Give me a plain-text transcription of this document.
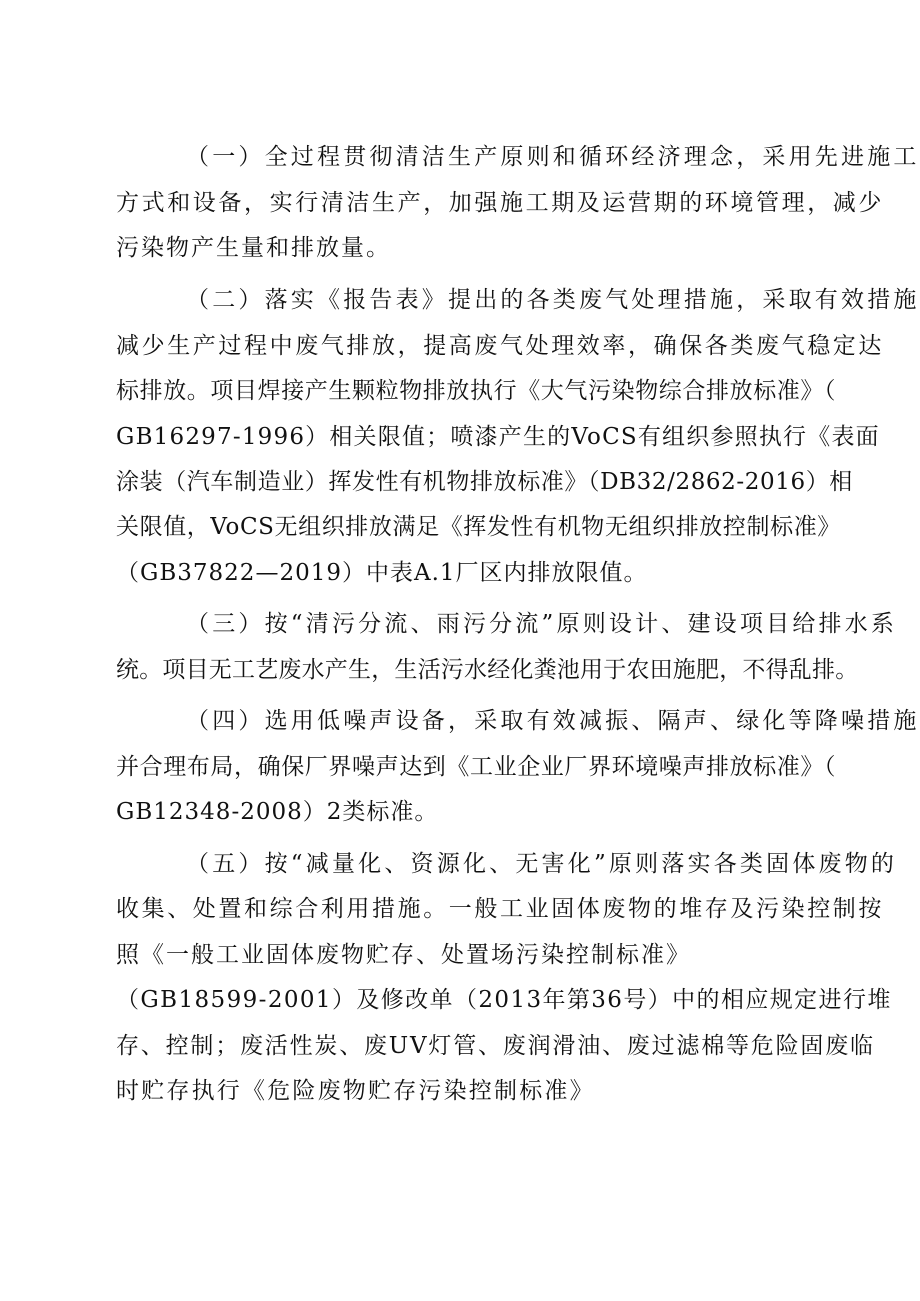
（一）全过程贯彻清洁生产原则和循环经济理念，采用先进施工
方式和设备，实行清洁生产，加强施工期及运营期的环境管理，减少
污染物产生量和排放量。
（二）落实《报告表》提出的各类废气处理措施，采取有效措施
减少生产过程中废气排放，提高废气处理效率，确保各类废气稳定达
标排放。项目焊接产生颗粒物排放执行《大气污染物综合排放标准》（
GB16297-1996）相关限值；喷漆产生的VoCS有组织参照执行《表面
涂装（汽车制造业）挥发性有机物排放标准》（DB32/2862-2016）相
关限值，VoCS无组织排放满足《挥发性有机物无组织排放控制标准》
（GB37822—2019）中表A.1厂区内排放限值。
（三）按“清污分流、雨污分流”原则设计、建设项目给排水系
统。项目无工艺废水产生，生活污水经化粪池用于农田施肥，不得乱排。
（四）选用低噪声设备，采取有效减振、隔声、绿化等降噪措施
并合理布局，确保厂界噪声达到《工业企业厂界环境噪声排放标准》（
GB12348-2008）2类标准。
（五）按“减量化、资源化、无害化”原则落实各类固体废物的
收集、处置和综合利用措施。一般工业固体废物的堆存及污染控制按
照《一般工业固体废物贮存、处置场污染控制标准》
（GB18599-2001）及修改单（2013年第36号）中的相应规定进行堆
存、控制；废活性炭、废UV灯管、废润滑油、废过滤棉等危险固废临
时贮存执行《危险废物贮存污染控制标准》
